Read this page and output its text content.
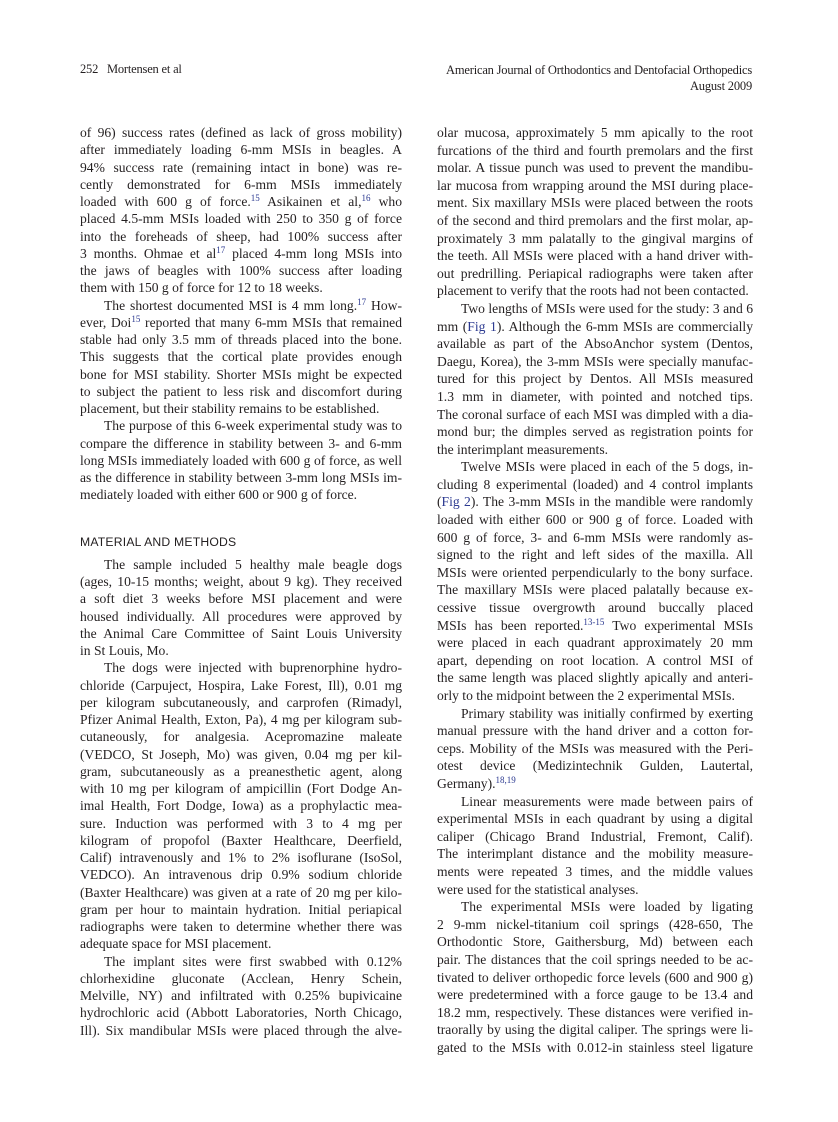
252 Mortensen et al	American Journal of Orthodontics and Dentofacial Orthopedics
August 2009
of 96) success rates (defined as lack of gross mobility)
after immediately loading 6-mm MSIs in beagles. A
94% success rate (remaining intact in bone) was re-
cently demonstrated for 6-mm MSIs immediately
loaded with 600 g of force.$^{15}$ Asikainen et al,$^{16}$ who
placed 4.5-mm MSIs loaded with 250 to 350 g of force
into the foreheads of sheep, had 100% success after
3 months. Ohmae et $al^{17}$ placed 4-mm long MSIs into
the jaws of beagles with 100% success after loading
them with 150 g of force for 12 to 18 weeks.
The shortest documented MSI is 4 mm long.$^{17}$ How-
ever, Doi$^{15}$ reported that many 6-mm MSIs that remained
stable had only 3.5 mm of threads placed into the bone.
This suggests that the cortical plate provides enough
bone for MSI stability. Shorter MSIs might be expected
to subject the patient to less risk and discomfort during
placement, but their stability remains to be established.
The purpose of this 6-week experimental study was to
compare the difference in stability between 3- and 6-mm
long MSIs immediately loaded with 600 g of force, as well
as the difference in stability between 3-mm long MSIs im-
mediately loaded with either 600 or 900 g of force.
MATERIAL AND METHODS
The sample included 5 healthy male beagle dogs
(ages, 10-15 months; weight, about 9 kg). They received
a soft diet 3 weeks before MSI placement and were
housed individually. All procedures were approved by
the Animal Care Committee of Saint Louis University
in St Louis, Mo.
The dogs were injected with buprenorphine hydro-
chloride (Carpuject, Hospira, Lake Forest, Ill), 0.01 mg
per kilogram subcutaneously, and carprofen (Rimadyl,
Pfizer Animal Health, Exton, Pa), 4 mg per kilogram sub-
cutaneously, for analgesia. Acepromazine maleate
(VEDCO, St Joseph, Mo) was given, 0.04 mg per kil-
gram, subcutaneously as a preanesthetic agent, along
with 10 mg per kilogram of ampicillin (Fort Dodge An-
imal Health, Fort Dodge, Iowa) as a prophylactic mea-
sure. Induction was performed with 3 to 4 mg per
kilogram of propofol (Baxter Healthcare, Deerfield,
Calif) intravenously and 1% to 2% isoflurane (IsoSol,
VEDCO). An intravenous drip 0.9% sodium chloride
(Baxter Healthcare) was given at a rate of 20 mg per kilo-
gram per hour to maintain hydration. Initial periapical
radiographs were taken to determine whether there was
adequate space for MSI placement.
The implant sites were first swabbed with 0.12%
chlorhexidine gluconate (Acclean, Henry Schein,
Melville, NY) and infiltrated with 0.25% bupivicaine
hydrochloric acid (Abbott Laboratories, North Chicago,
Ill). Six mandibular MSIs were placed through the alve-
olar mucosa, approximately 5 mm apically to the root
furcations of the third and fourth premolars and the first
molar. A tissue punch was used to prevent the mandibu-
lar mucosa from wrapping around the MSI during place-
ment. Six maxillary MSIs were placed between the roots
of the second and third premolars and the first molar, ap-
proximately 3 mm palatally to the gingival margins of
the teeth. All MSIs were placed with a hand driver with-
out predrilling. Periapical radiographs were taken after
placement to verify that the roots had not been contacted.
Two lengths of MSIs were used for the study: 3 and 6
mm (Fig 1). Although the 6-mm MSIs are commercially
available as part of the AbsoAnchor system (Dentos,
Daegu, Korea), the 3-mm MSIs were specially manufac-
tured for this project by Dentos. All MSIs measured
1.3 mm in diameter, with pointed and notched tips.
The coronal surface of each MSI was dimpled with a dia-
mond bur; the dimples served as registration points for
the interimplant measurements.
Twelve MSIs were placed in each of the 5 dogs, in-
cluding 8 experimental (loaded) and 4 control implants
(Fig 2). The 3-mm MSIs in the mandible were randomly
loaded with either 600 or 900 g of force. Loaded with
600 g of force, 3- and 6-mm MSIs were randomly as-
signed to the right and left sides of the maxilla. All
MSIs were oriented perpendicularly to the bony surface.
The maxillary MSIs were placed palatally because ex-
cessive tissue overgrowth around buccally placed
MSIs has been reported.$^{13-15}$ Two experimental MSIs
were placed in each quadrant approximately 20 mm
apart, depending on root location. A control MSI of
the same length was placed slightly apically and anteri-
orly to the midpoint between the 2 experimental MSIs.
Primary stability was initially confirmed by exerting
manual pressure with the hand driver and a cotton for-
ceps. Mobility of the MSIs was measured with the Peri-
otest device (Medizintechnik Gulden, Lautertal,
Germany).$^{18,19}$
Linear measurements were made between pairs of
experimental MSIs in each quadrant by using a digital
caliper (Chicago Brand Industrial, Fremont, Calif).
The interimplant distance and the mobility measure-
ments were repeated 3 times, and the middle values
were used for the statistical analyses.
The experimental MSIs were loaded by ligating
2 9-mm nickel-titanium coil springs (428-650, The
Orthodontic Store, Gaithersburg, Md) between each
pair. The distances that the coil springs needed to be ac-
tivated to deliver orthopedic force levels (600 and 900 g)
were predetermined with a force gauge to be 13.4 and
18.2 mm, respectively. These distances were verified in-
traorally by using the digital caliper. The springs were li-
gated to the MSIs with 0.012-in stainless steel ligature
